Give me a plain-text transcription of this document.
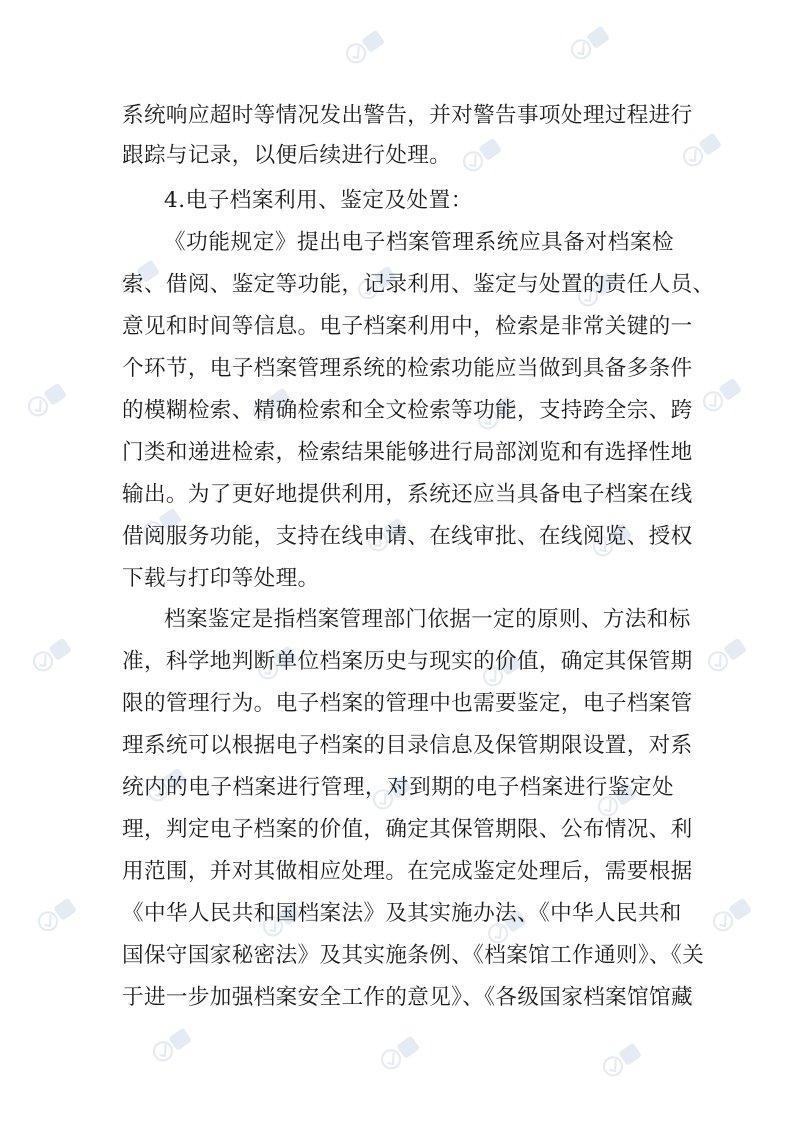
系统响应超时等情况发出警告，并对警告事项处理过程进行
跟踪与记录，以便后续进行处理。
4.电子档案利用、鉴定及处置：
《功能规定》提出电子档案管理系统应具备对档案检
索、借阅、鉴定等功能，记录利用、鉴定与处置的责任人员、
意见和时间等信息。电子档案利用中，检索是非常关键的一
个环节，电子档案管理系统的检索功能应当做到具备多条件
的模糊检索、精确检索和全文检索等功能，支持跨全宗、跨
门类和递进检索，检索结果能够进行局部浏览和有选择性地
输出。为了更好地提供利用，系统还应当具备电子档案在线
借阅服务功能，支持在线申请、在线审批、在线阅览、授权
下载与打印等处理。
档案鉴定是指档案管理部门依据一定的原则、方法和标
准，科学地判断单位档案历史与现实的价值，确定其保管期
限的管理行为。电子档案的管理中也需要鉴定，电子档案管
理系统可以根据电子档案的目录信息及保管期限设置，对系
统内的电子档案进行管理，对到期的电子档案进行鉴定处
理，判定电子档案的价值，确定其保管期限、公布情况、利
用范围，并对其做相应处理。在完成鉴定处理后，需要根据
《中华人民共和国档案法》及其实施办法、《中华人民共和
国保守国家秘密法》及其实施条例、《档案馆工作通则》、《关
于进一步加强档案安全工作的意见》、《各级国家档案馆馆藏
